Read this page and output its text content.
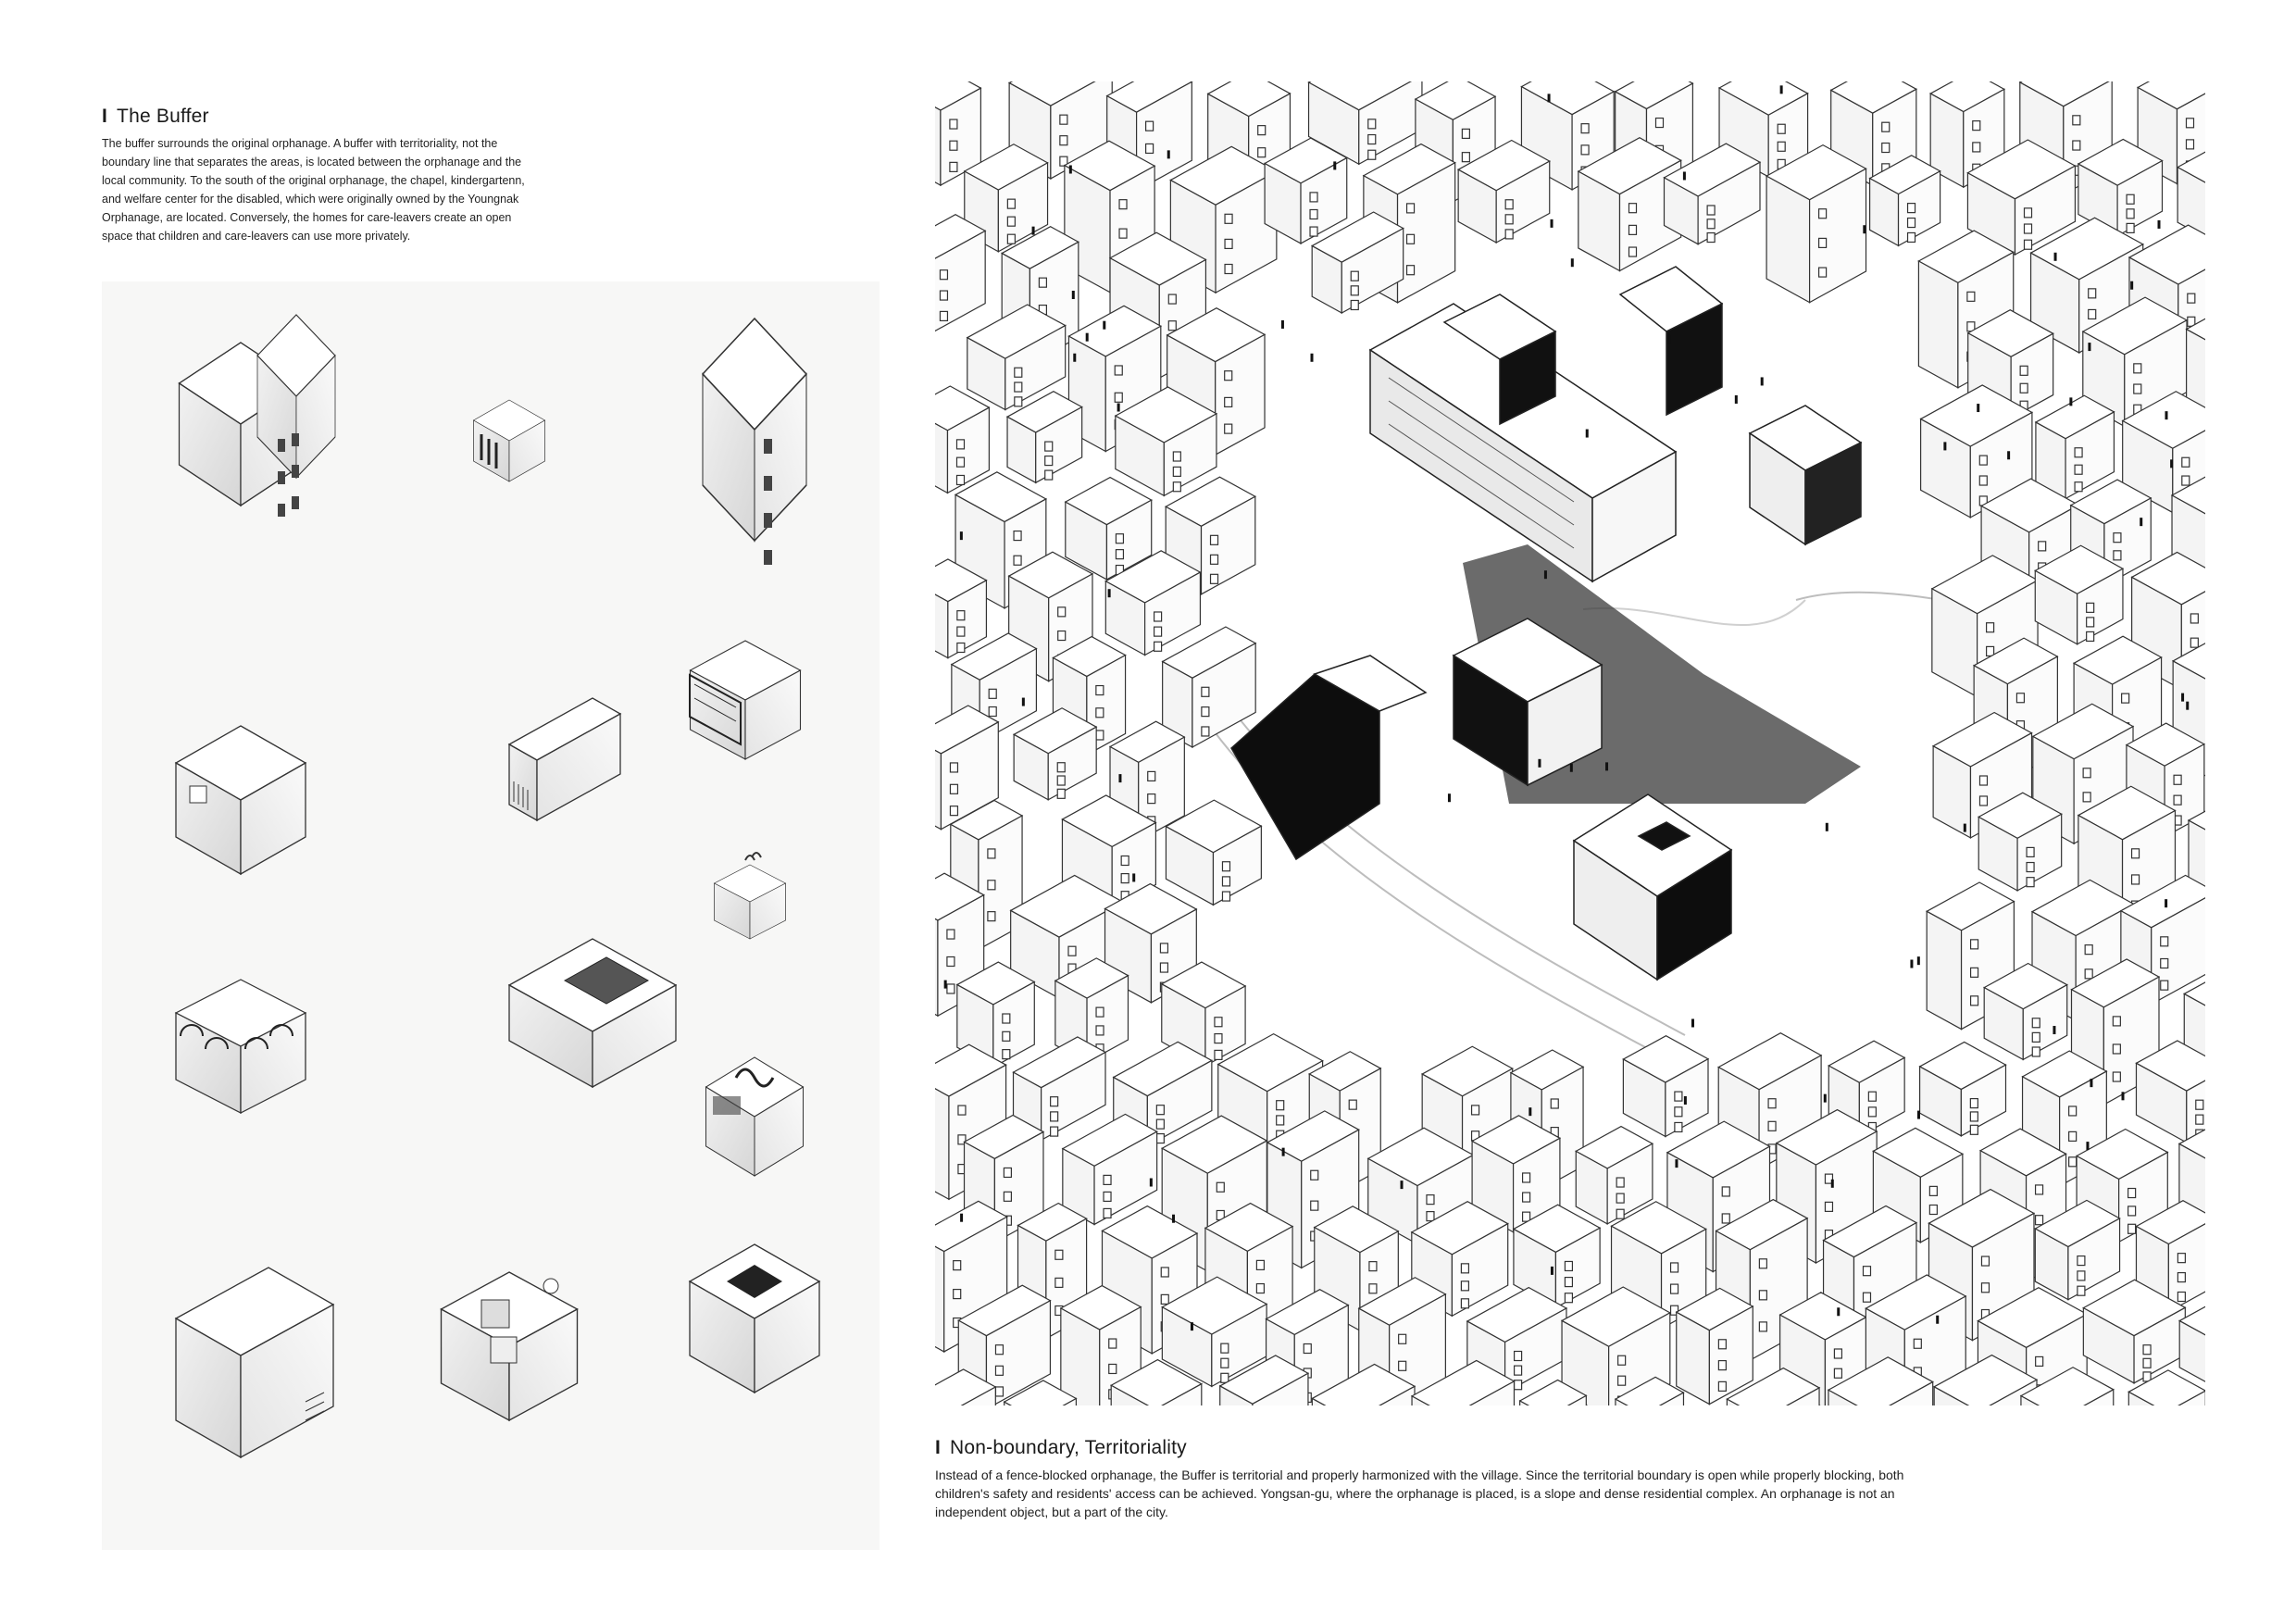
I The Buffer
The buffer surrounds the original orphanage. A buffer with territoriality, not the
boundary line that separates the areas, is located between the orphanage and the
local community. To the south of the original orphanage, the chapel, kindergartenn,
and welfare center for the disabled, which were originally owned by the Youngnak
Orphanage, are located. Conversely, the homes for care-leavers create an open
space that children and care-leavers can use more privately.
I Non-boundary, Territoriality
Instead of a fence-blocked orphanage, the Buffer is territorial and properly harmonized with the village. Since the territorial boundary is open while properly blocking, both
children's safety and residents' access can be achieved. Yongsan-gu, where the orphanage is placed, is a slope and dense residential complex. An orphanage is not an
independent object, but a part of the city.
